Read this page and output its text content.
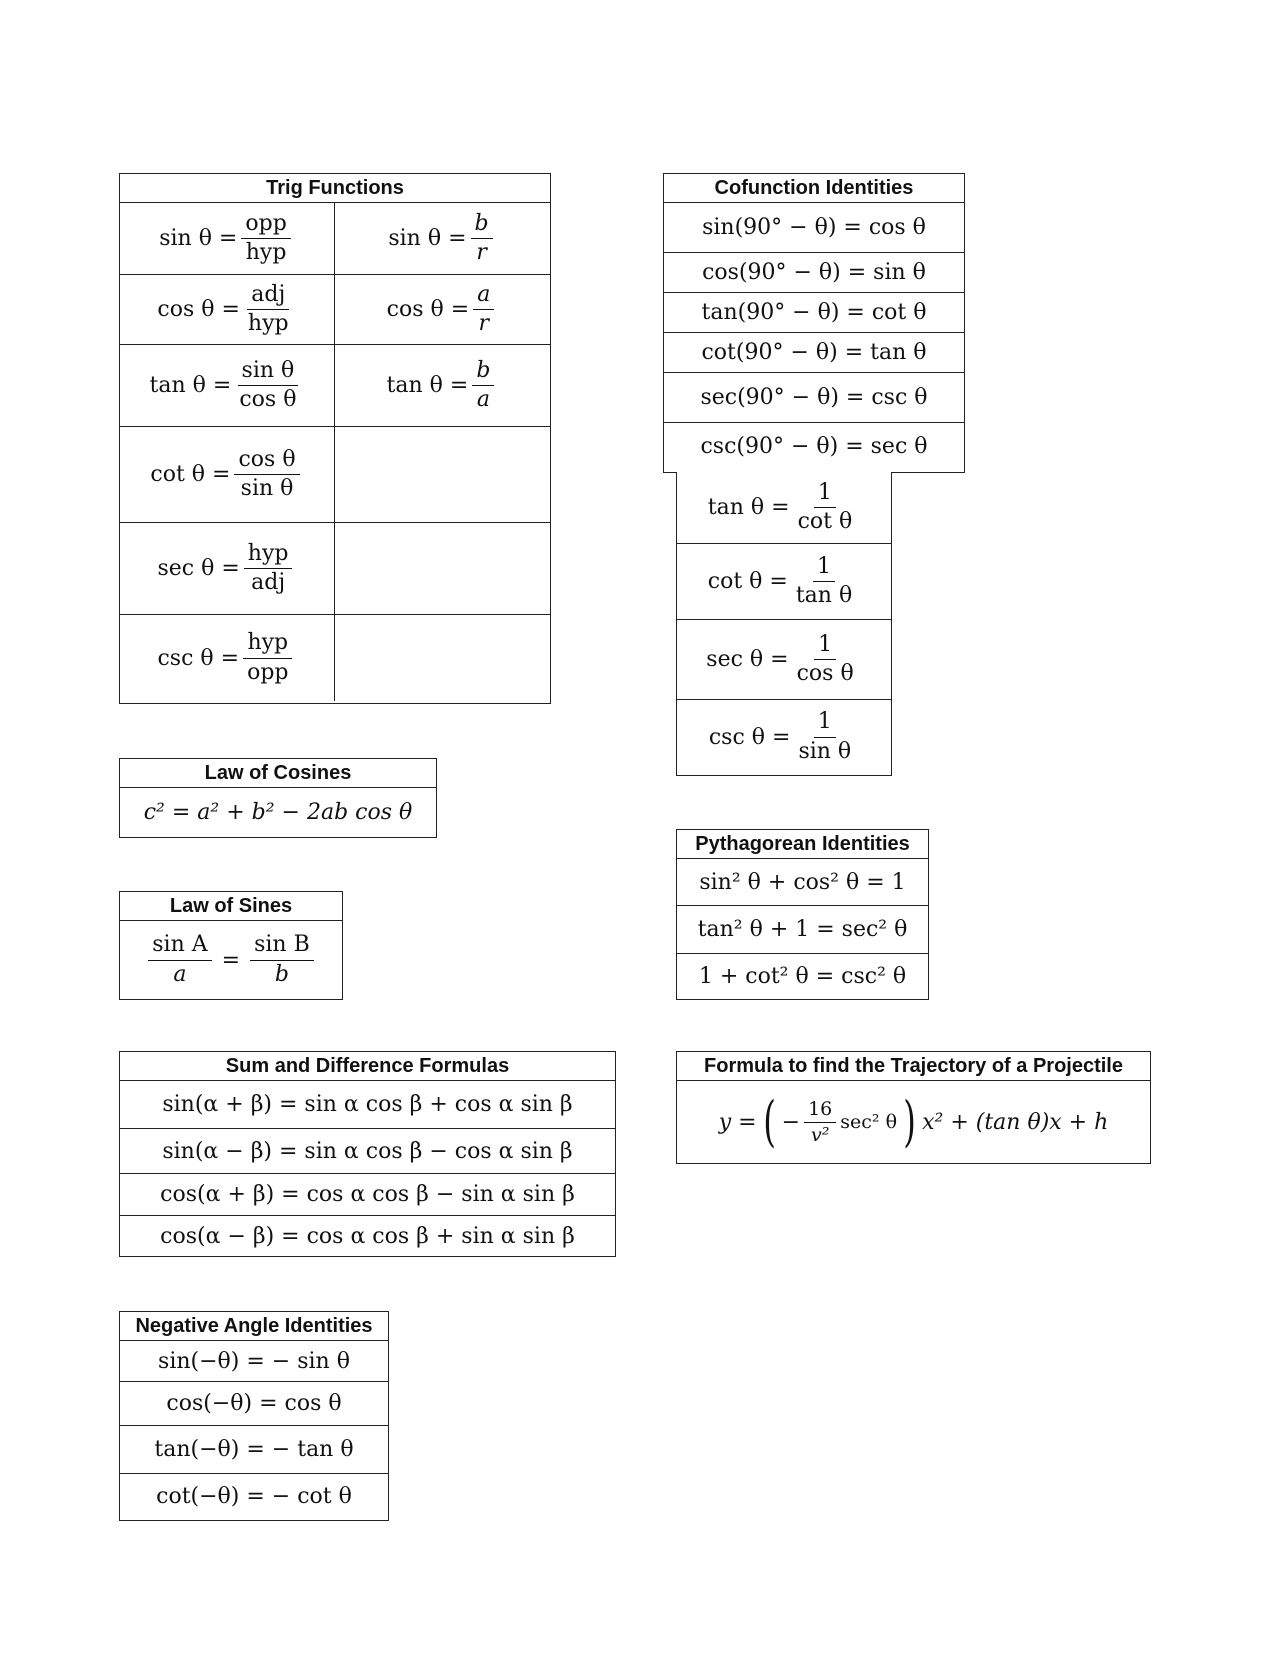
Trig Functions
$\sin \theta = \frac{\text{opp}}{\text{hyp}}$	$\sin \theta = \frac{b}{r}$
$\cos \theta = \frac{\text{adj}}{\text{hyp}}$	$\cos \theta = \frac{a}{r}$
$\tan \theta = \frac{\text{sin θ}}{\text{cos θ}}$	$\tan \theta = \frac{b}{a}$
$\cot \theta = \frac{\text{cos θ}}{\text{sin θ}}$
$\sec \theta = \frac{\text{hyp}}{\text{adj}}$
$\csc \theta = \frac{\text{hyp}}{\text{opp}}$
Cofunction Identities
sin(90° − θ) = cos θ
cos(90° − θ) = sin θ
tan(90° − θ) = cot θ
cot(90° − θ) = tan θ
sec(90° − θ) = csc θ
csc(90° − θ) = sec θ
$\tan \theta = \frac{1}{\text{cot θ}}$
$\cot \theta = \frac{1}{\text{tan θ}}$
$\sec \theta = \frac{1}{\text{cos θ}}$
$\csc \theta = \frac{1}{\text{sin θ}}$
Law of Cosines
c² = a² + b² − 2ab cos θ
Law of Sines
$\frac{\text{sin A}}{a} = \frac{\text{sin B}}{b}$
Pythagorean Identities
sin² θ + cos² θ = 1
tan² θ + 1 = sec² θ
1 + cot² θ = csc² θ
Sum and Difference Formulas
sin(α + β) = sin α cos β + cos α sin β
sin(α − β) = sin α cos β − cos α sin β
cos(α + β) = cos α cos β − sin α sin β
cos(α − β) = cos α cos β + sin α sin β
Formula to find the Trajectory of a Projectile
y = ( − $\frac{16}{\text{v²}} \sec^2$ θ ) x² + (tan θ)x + h
Negative Angle Identities
sin(−θ) = − sin θ
cos(−θ) = cos θ
tan(−θ) = − tan θ
cot(−θ) = − cot θ
